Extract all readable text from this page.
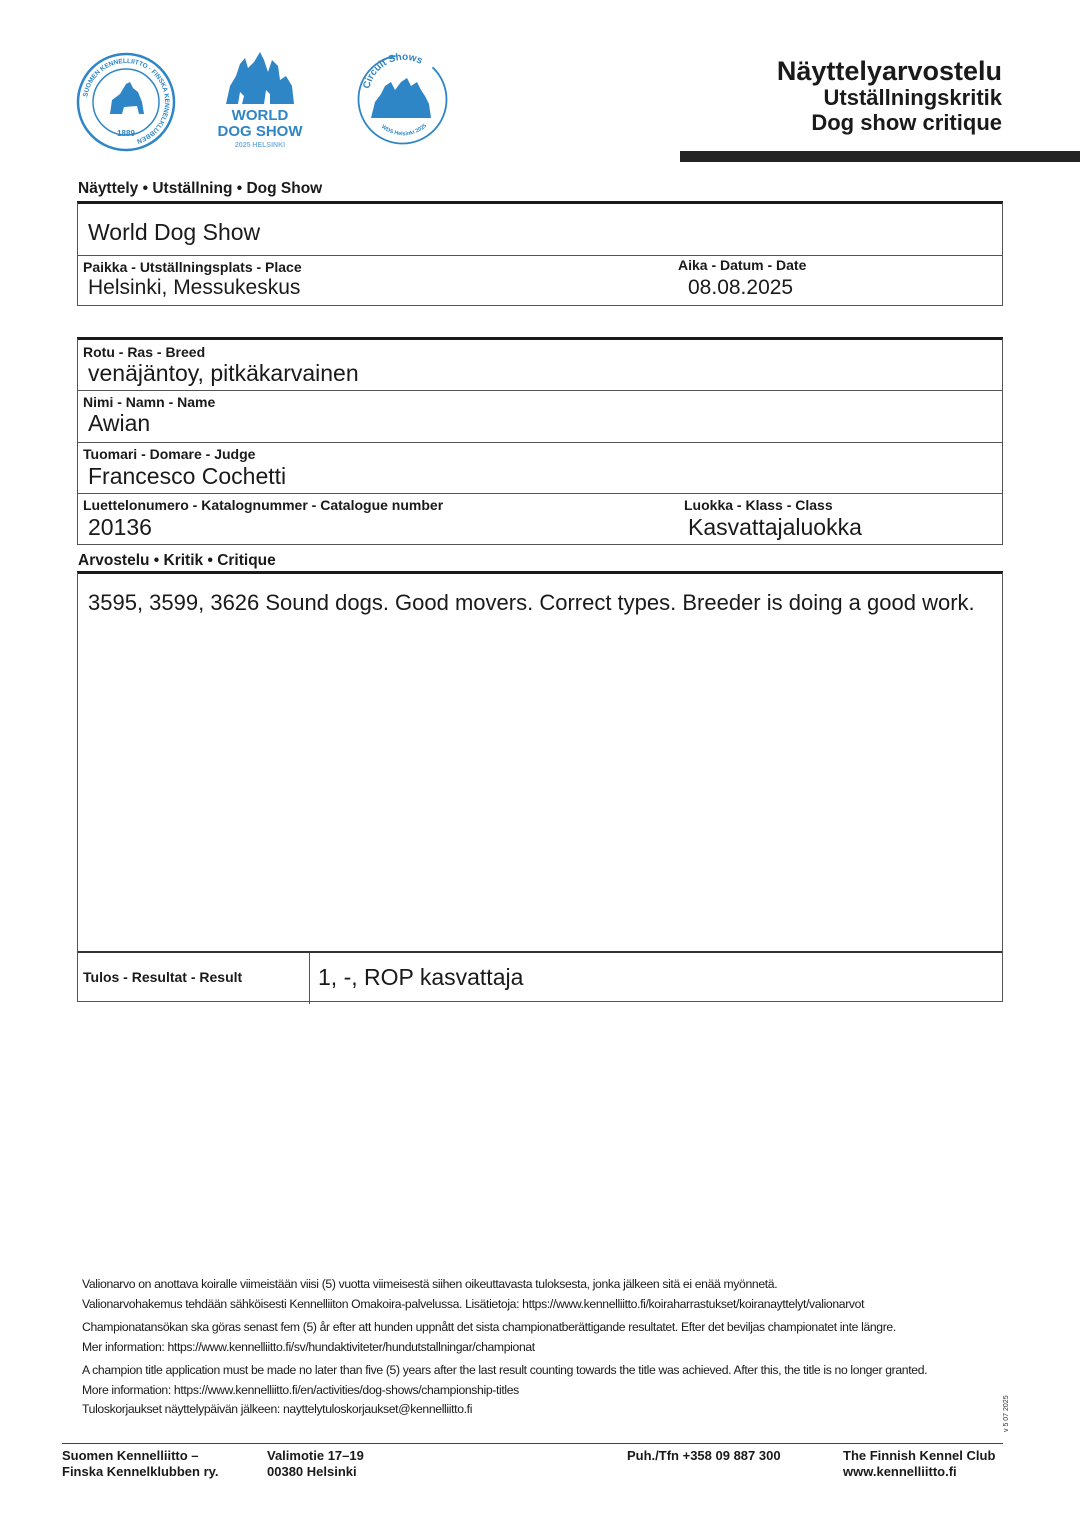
SUOMEN KENNELLIITTO · FINSKA KENNELKLUBBEN
1889
WORLD
DOG SHOW
2025 HELSINKI
Circuit Shows
WDS Helsinki 2025
Näyttelyarvostelu
Utställningskritik
Dog show critique
Näyttely • Utställning • Dog Show
World Dog Show
Paikka - Utställningsplats - Place
Helsinki, Messukeskus
Aika - Datum - Date
08.08.2025
Rotu - Ras - Breed
venäjäntoy, pitkäkarvainen
Nimi - Namn - Name
Awian
Tuomari - Domare - Judge
Francesco Cochetti
Luettelonumero - Katalognummer - Catalogue number
20136
Luokka - Klass - Class
Kasvattajaluokka
Arvostelu • Kritik • Critique
3595, 3599, 3626 Sound dogs. Good movers. Correct types. Breeder is doing a good work.
Tulos - Resultat - Result	1, -, ROP kasvattaja

Valionarvo on anottava koiralle viimeistään viisi (5) vuotta viimeisestä siihen oikeuttavasta tuloksesta, jonka jälkeen sitä ei enää myönnetä.

Valionarvohakemus tehdään sähköisesti Kennelliiton Omakoira-palvelussa. Lisätietoja: https://www.kennelliitto.fi/koiraharrastukset/koiranayttelyt/valionarvot

Championatansökan ska göras senast fem (5) år efter att hunden uppnått det sista championatberättigande resultatet. Efter det beviljas championatet inte längre.

Mer information: https://www.kennelliitto.fi/sv/hundaktiviteter/hundutstallningar/championat

A champion title application must be made no later than five (5) years after the last result counting towards the title was achieved. After this, the title is no longer granted.

More information: https://www.kennelliitto.fi/en/activities/dog-shows/championship-titles

Tuloskorjaukset näyttelypäivän jälkeen: nayttelytuloskorjaukset@kennelliitto.fi	v 5 07 2025
Suomen Kennelliitto –
Finska Kennelklubben ry.
Valimotie 17–19
00380 Helsinki
Puh./Tfn +358 09 887 300	The Finnish Kennel Club
www.kennelliitto.fi
